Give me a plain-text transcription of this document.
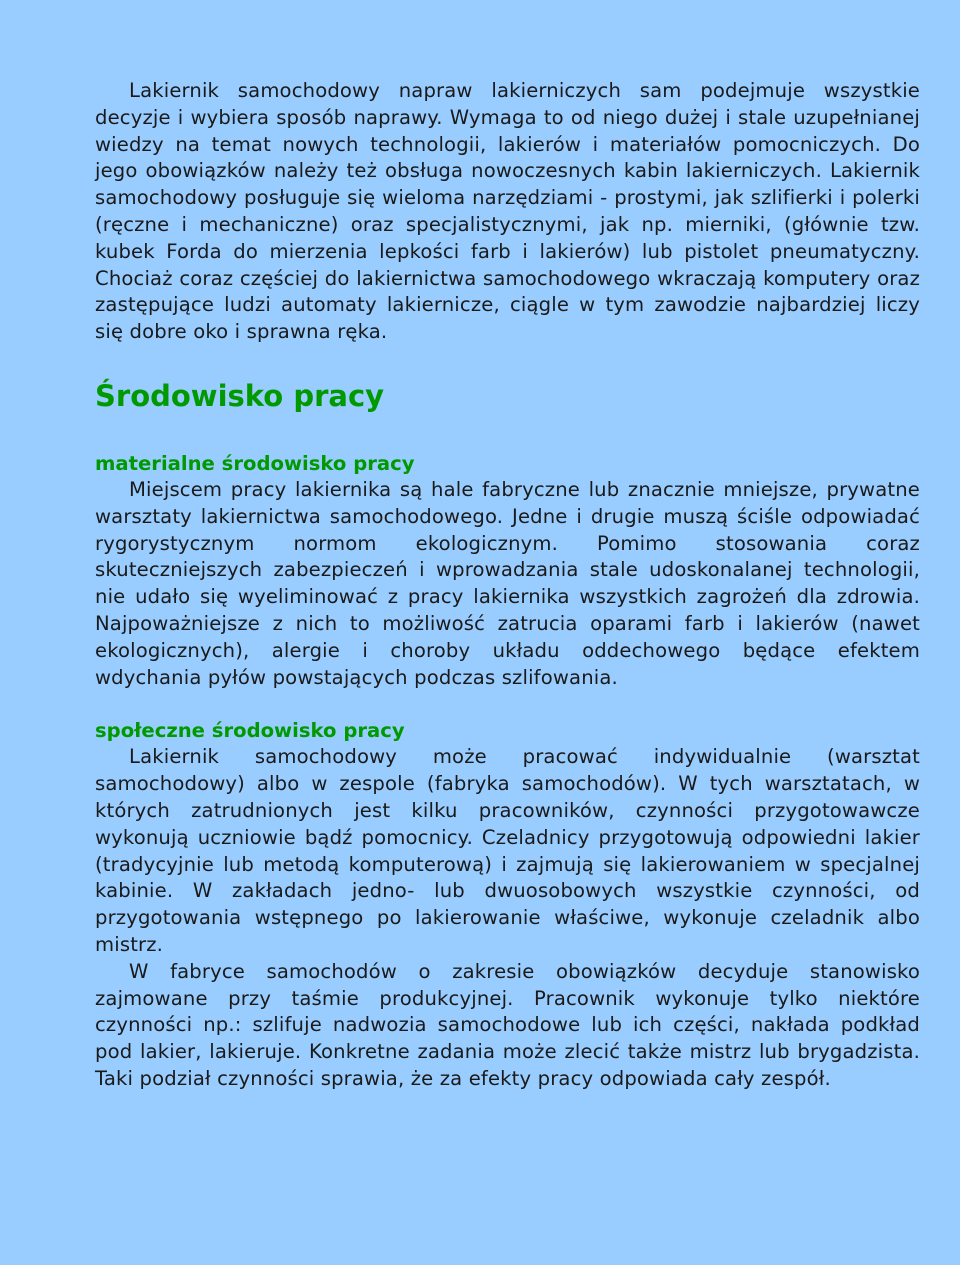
Lakiernik samochodowy napraw lakierniczych sam podejmuje wszystkie decyzje i wybiera sposób naprawy. Wymaga to od niego dużej i stale uzupełnianej wiedzy na temat nowych technologii, lakierów i materiałów pomocniczych. Do jego obowiązków należy też obsługa nowoczesnych kabin lakierniczych. Lakiernik samochodowy posługuje się wieloma narzędziami - prostymi, jak szlifierki i polerki (ręczne i mechaniczne) oraz specjalistycznymi, jak np. mierniki, (głównie tzw. kubek Forda do mierzenia lepkości farb i lakierów) lub pistolet pneumatyczny. Chociaż coraz częściej do lakiernictwa samochodowego wkraczają komputery oraz zastępujące ludzi automaty lakiernicze, ciągle w tym zawodzie najbardziej liczy się dobre oko i sprawna ręka.

Środowisko pracy
materialne środowisko pracy

Miejscem pracy lakiernika są hale fabryczne lub znacznie mniejsze, prywatne warsztaty lakiernictwa samochodowego. Jedne i drugie muszą ściśle odpowiadać rygorystycznym normom ekologicznym. Pomimo stosowania coraz skuteczniejszych zabezpieczeń i wprowadzania stale udoskonalanej technologii, nie udało się wyeliminować z pracy lakiernika wszystkich zagrożeń dla zdrowia. Najpoważniejsze z nich to możliwość zatrucia oparami farb i lakierów (nawet ekologicznych), alergie i choroby układu oddechowego będące efektem wdychania pyłów powstających podczas szlifowania.

społeczne środowisko pracy

Lakiernik samochodowy może pracować indywidualnie (warsztat samochodowy) albo w zespole (fabryka samochodów). W tych warsztatach, w których zatrudnionych jest kilku pracowników, czynności przygotowawcze wykonują uczniowie bądź pomocnicy. Czeladnicy przygotowują odpowiedni lakier (tradycyjnie lub metodą komputerową) i zajmują się lakierowaniem w specjalnej kabinie. W zakładach jedno- lub dwuosobowych wszystkie czynności, od przygotowania wstępnego po lakierowanie właściwe, wykonuje czeladnik albo mistrz.

W fabryce samochodów o zakresie obowiązków decyduje stanowisko zajmowane przy taśmie produkcyjnej. Pracownik wykonuje tylko niektóre czynności np.: szlifuje nadwozia samochodowe lub ich części, nakłada podkład pod lakier, lakieruje. Konkretne zadania może zlecić także mistrz lub brygadzista. Taki podział czynności sprawia, że za efekty pracy odpowiada cały zespół.
